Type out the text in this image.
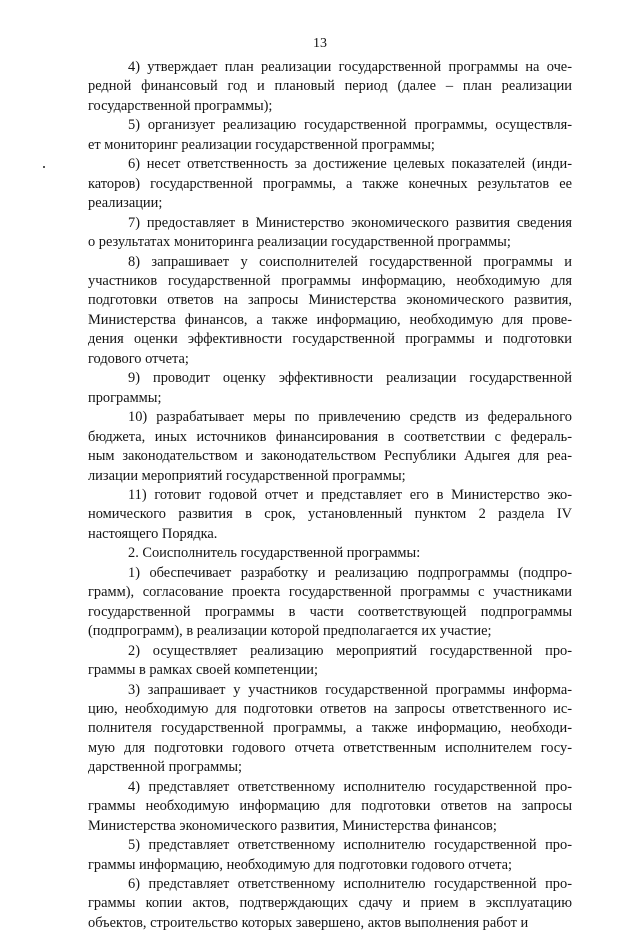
13
4) утверждает план реализации государственной программы на оче-
редной финансовый год и плановый период (далее – план реализации
государственной программы);
5) организует реализацию государственной программы, осуществля-
ет мониторинг реализации государственной программы;
6) несет ответственность за достижение целевых показателей (инди-
каторов) государственной программы, а также конечных результатов ее
реализации;
7) предоставляет в Министерство экономического развития сведения
о результатах мониторинга реализации государственной программы;
8) запрашивает у соисполнителей государственной программы и
участников государственной программы информацию, необходимую для
подготовки ответов на запросы Министерства экономического развития,
Министерства финансов, а также информацию, необходимую для прове-
дения оценки эффективности государственной программы и подготовки
годового отчета;
9) проводит оценку эффективности реализации государственной
программы;
10) разрабатывает меры по привлечению средств из федерального
бюджета, иных источников финансирования в соответствии с федераль-
ным законодательством и законодательством Республики Адыгея для реа-
лизации мероприятий государственной программы;
11) готовит годовой отчет и представляет его в Министерство эко-
номического развития в срок, установленный пунктом 2 раздела IV
настоящего Порядка.
2. Соисполнитель государственной программы:
1) обеспечивает разработку и реализацию подпрограммы (подпро-
грамм), согласование проекта государственной программы с участниками
государственной программы в части соответствующей подпрограммы
(подпрограмм), в реализации которой предполагается их участие;
2) осуществляет реализацию мероприятий государственной про-
граммы в рамках своей компетенции;
3) запрашивает у участников государственной программы информа-
цию, необходимую для подготовки ответов на запросы ответственного ис-
полнителя государственной программы, а также информацию, необходи-
мую для подготовки годового отчета ответственным исполнителем госу-
дарственной программы;
4) представляет ответственному исполнителю государственной про-
граммы необходимую информацию для подготовки ответов на запросы
Министерства экономического развития, Министерства финансов;
5) представляет ответственному исполнителю государственной про-
граммы информацию, необходимую для подготовки годового отчета;
6) представляет ответственному исполнителю государственной про-
граммы копии актов, подтверждающих сдачу и прием в эксплуатацию
объектов, строительство которых завершено, актов выполнения работ и
